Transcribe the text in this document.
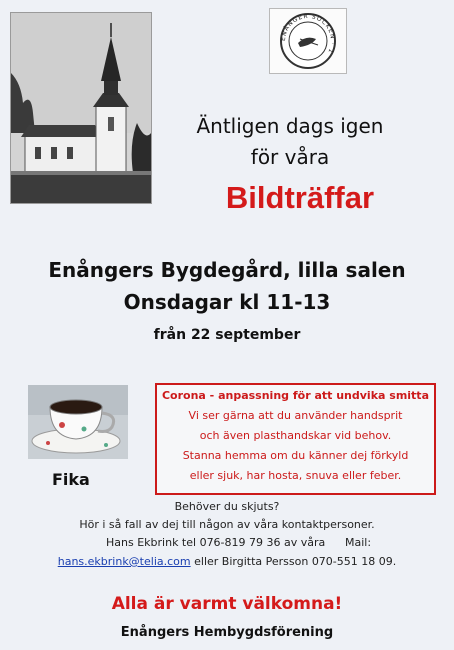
ENÅNGER SOCKEN · 1
Äntligen dags igen
för våra
Bildträffar
Enångers Bygdegård, lilla salen
Onsdagar kl 11-13
från 22 september
Fika
Corona - anpassning för att undvika smitta
Vi ser gärna att du använder handsprit
och även plasthandskar vid behov.
Stanna hemma om du känner dej förkyld
eller sjuk, har hosta, snuva eller feber.
Behöver du skjuts?
Hör i så fall av dej till någon av våra kontaktpersoner.
Hans Ekbrink tel 076-819 79 36 av våra Mail:
hans.ekbrink@telia.com eller Birgitta Persson 070-551 18 09.
Alla är varmt välkomna!
Enångers Hembygdsförening
